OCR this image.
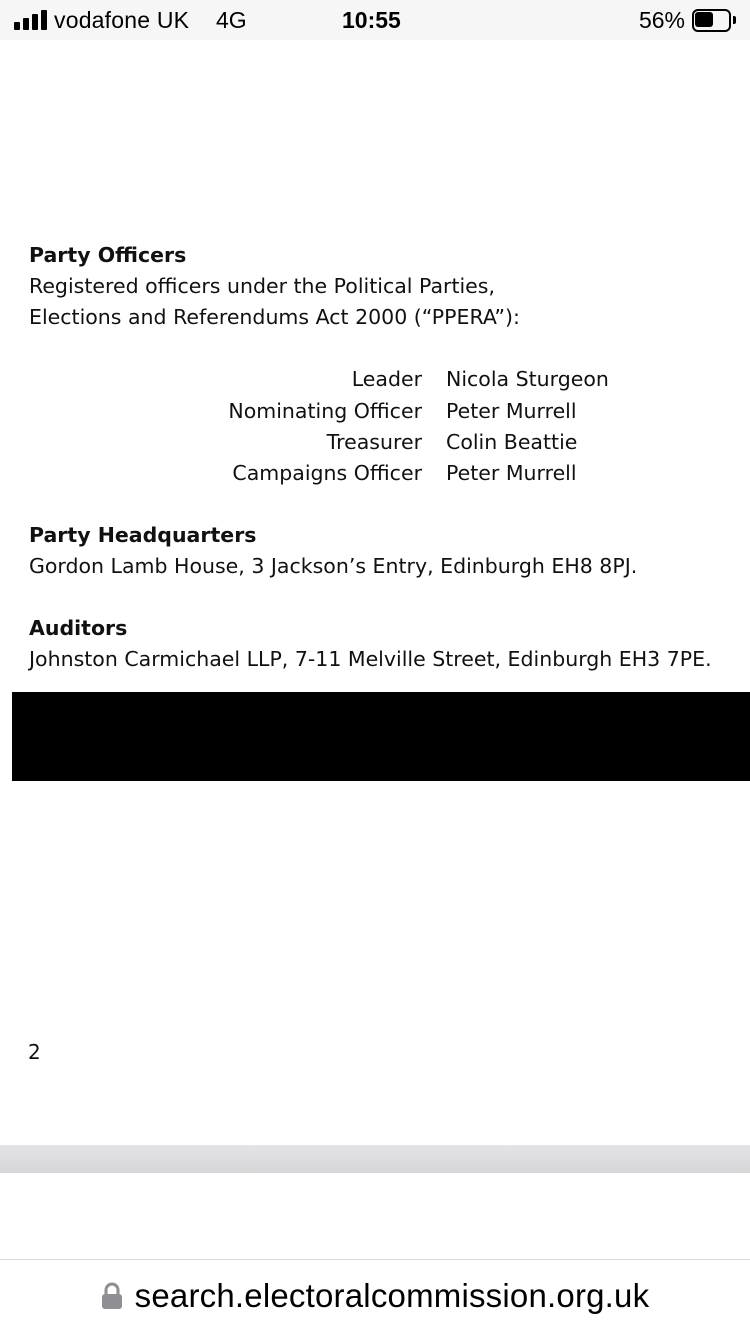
vodafone UK 4G	10:55	56%
Party Officers
Registered officers under the Political Parties,
Elections and Referendums Act 2000 (“PPERA”):
Leader Nicola Sturgeon
Nominating Officer Peter Murrell
Treasurer Colin Beattie
Campaigns Officer Peter Murrell
Party Headquarters
Gordon Lamb House, 3 Jackson’s Entry, Edinburgh EH8 8PJ.
Auditors
Johnston Carmichael LLP, 7-11 Melville Street, Edinburgh EH3 7PE.
2
search.electoralcommission.org.uk
